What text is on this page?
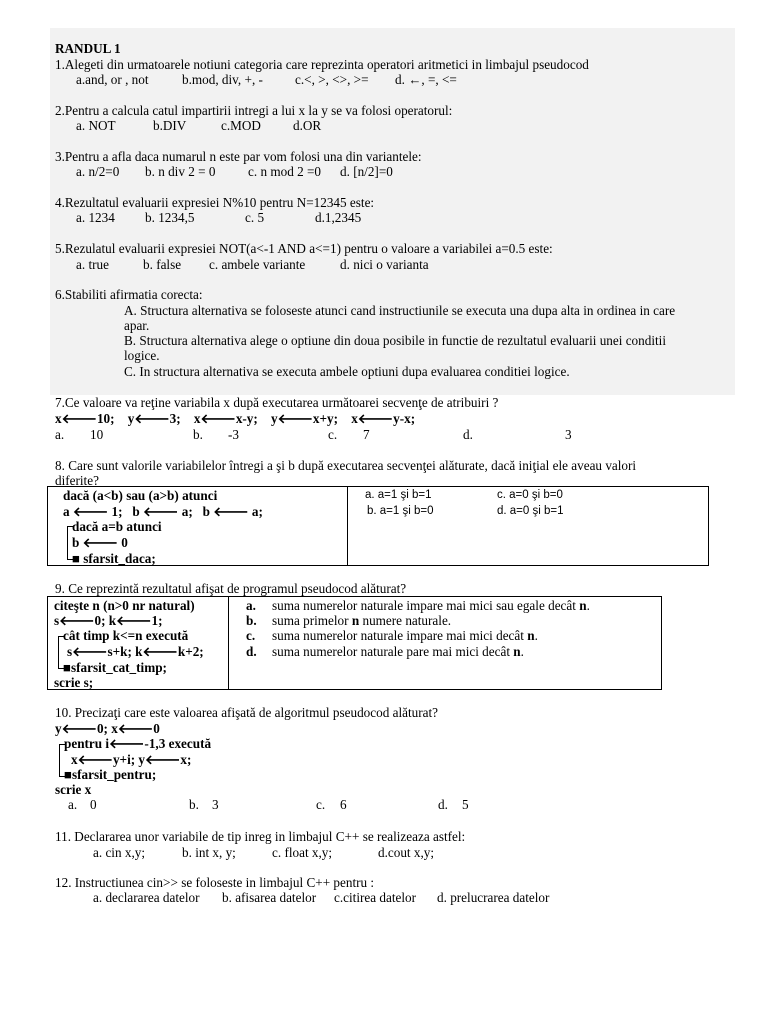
RANDUL 1
1.Alegeti din urmatoarele notiuni categoria care reprezinta operatori aritmetici in limbajul pseudocod
a.and, or , not	b.mod, div, +, - c.<, >, <>, >= d. ←, =, <=
2.Pentru a calcula catul impartirii intregi a lui x la y se va folosi operatorul:
a. NOT	b.DIV	c.MOD d.OR
3.Pentru a afla daca numarul n este par vom folosi una din variantele:
a. n/2=0 b. n div 2 = 0 c. n mod 2 =0 d. [n/2]=0
4.Rezultatul evaluarii expresiei N%10 pentru N=12345 este:
a. 1234 b. 1234,5	c. 5	d.1,2345
5.Rezulatul evaluarii expresiei NOT(a<-1 AND a<=1) pentru o valoare a variabilei a=0.5 este:
a. true	b. false c. ambele variante	d. nici o varianta
6.Stabiliti afirmatia corecta:
A. Structura alternativa se foloseste atunci cand instructiunile se executa una dupa alta in ordinea in care
apar.
B. Structura alternativa alege o optiune din doua posibile in functie de rezultatul evaluarii unei conditii
logice.
C. In structura alternativa se executa ambele optiuni dupa evaluarea conditiei logice.
7.Ce valoare va reţine variabila x după executarea următoarei secvenţe de atribuiri ?
x🡐10;    y🡐3;    x🡐x-y;    y🡐x+y;    x🡐y-x;
a. 10	b. -3	c. 7	d.	3
8. Care sunt valorile variabilelor întregi a şi b după executarea secvenţei alăturate, dacă iniţial ele aveau valori
diferite?
dacă (a<b) sau (a>b) atunci
a 🡐 1;   b 🡐 a;   b 🡐 a;
dacă a=b atunci
b 🡐 0
■ sfarsit_daca;
a. a=1 şi b=1	c. a=0 şi b=0
b. a=1 şi b=0	d. a=0 şi b=1
9. Ce reprezintă rezultatul afişat de programul pseudocod alăturat?
citeşte n (n>0 nr natural)
s🡐0; k🡐1;
cât timp k<=n execută
s🡐s+k; k🡐k+2;
■sfarsit_cat_timp;
scrie s;
a. suma numerelor naturale impare mai mici sau egale decât n.
b. suma primelor n numere naturale.
c. suma numerelor naturale impare mai mici decât n.
d. suma numerelor naturale pare mai mici decât n.
10. Precizaţi care este valoarea afişată de algoritmul pseudocod alăturat?
y🡐0; x🡐0
pentru i🡐-1,3 execută
x🡐y+i; y🡐x;
■sfarsit_pentru;
scrie x
a. 0	b. 3	c. 6	d. 5
11. Declararea unor variabile de tip inreg in limbajul C++ se realizeaza astfel:
a. cin x,y;	b. int x, y;	c. float x,y;	d.cout x,y;
12. Instructiunea cin>> se foloseste in limbajul C++ pentru :
a. declararea datelor b. afisarea datelor c.citirea datelor d. prelucrarea datelor
